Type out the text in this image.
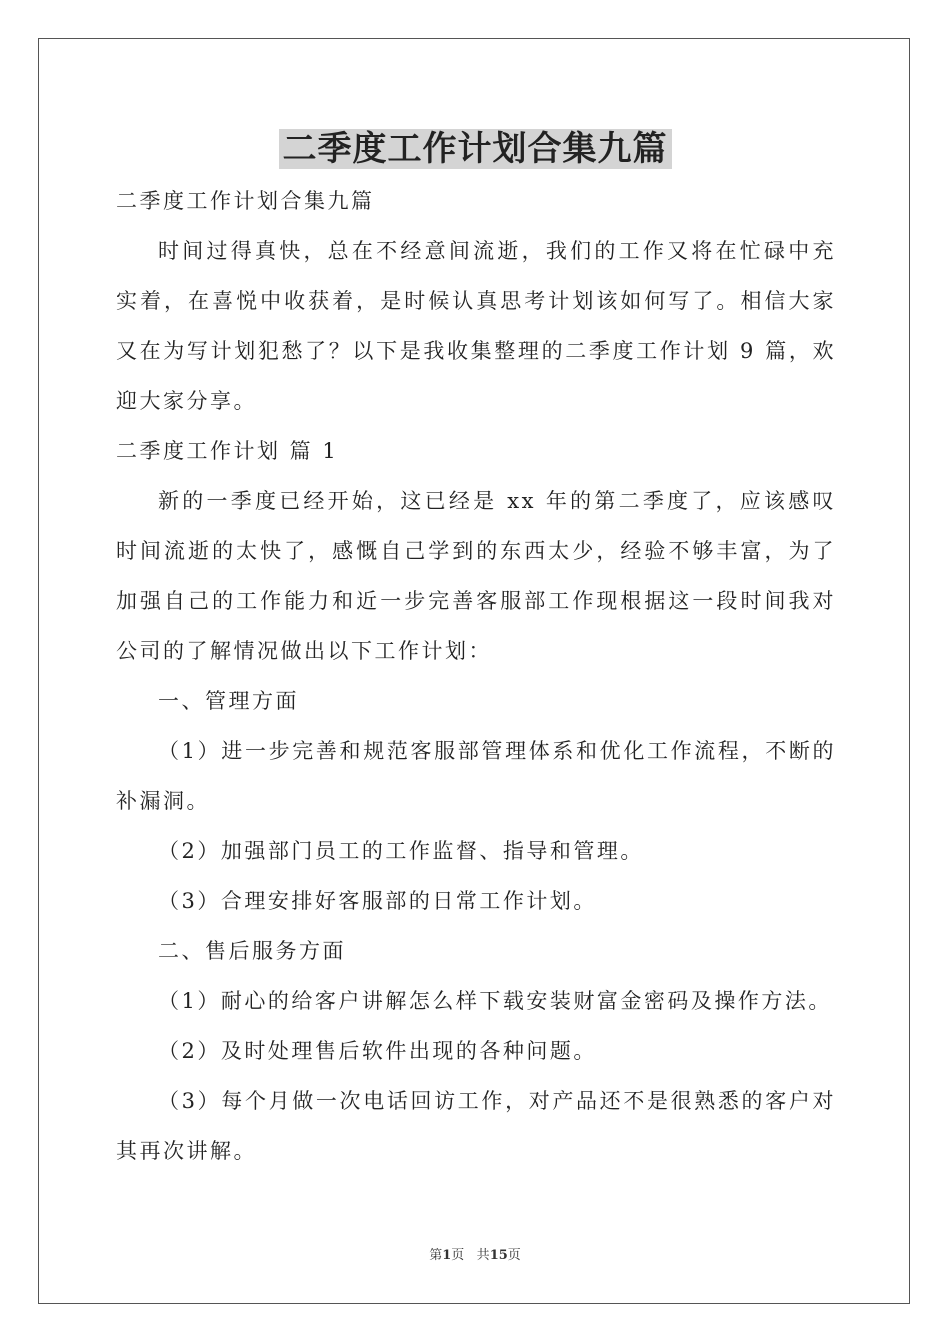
二季度工作计划合集九篇

二季度工作计划合集九篇

时间过得真快，总在不经意间流逝，我们的工作又将在忙碌中充实着，在喜悦中收获着，是时候认真思考计划该如何写了。相信大家又在为写计划犯愁了？以下是我收集整理的二季度工作计划 9 篇，欢迎大家分享。

二季度工作计划 篇 1

新的一季度已经开始，这已经是 xx 年的第二季度了，应该感叹时间流逝的太快了，感慨自己学到的东西太少，经验不够丰富，为了加强自己的工作能力和近一步完善客服部工作现根据这一段时间我对公司的了解情况做出以下工作计划：

一、管理方面

（1）进一步完善和规范客服部管理体系和优化工作流程，不断的补漏洞。

（2）加强部门员工的工作监督、指导和管理。

（3）合理安排好客服部的日常工作计划。

二、售后服务方面

（1）耐心的给客户讲解怎么样下载安装财富金密码及操作方法。

（2）及时处理售后软件出现的各种问题。

（3）每个月做一次电话回访工作，对产品还不是很熟悉的客户对其再次讲解。

第1页 共15页
